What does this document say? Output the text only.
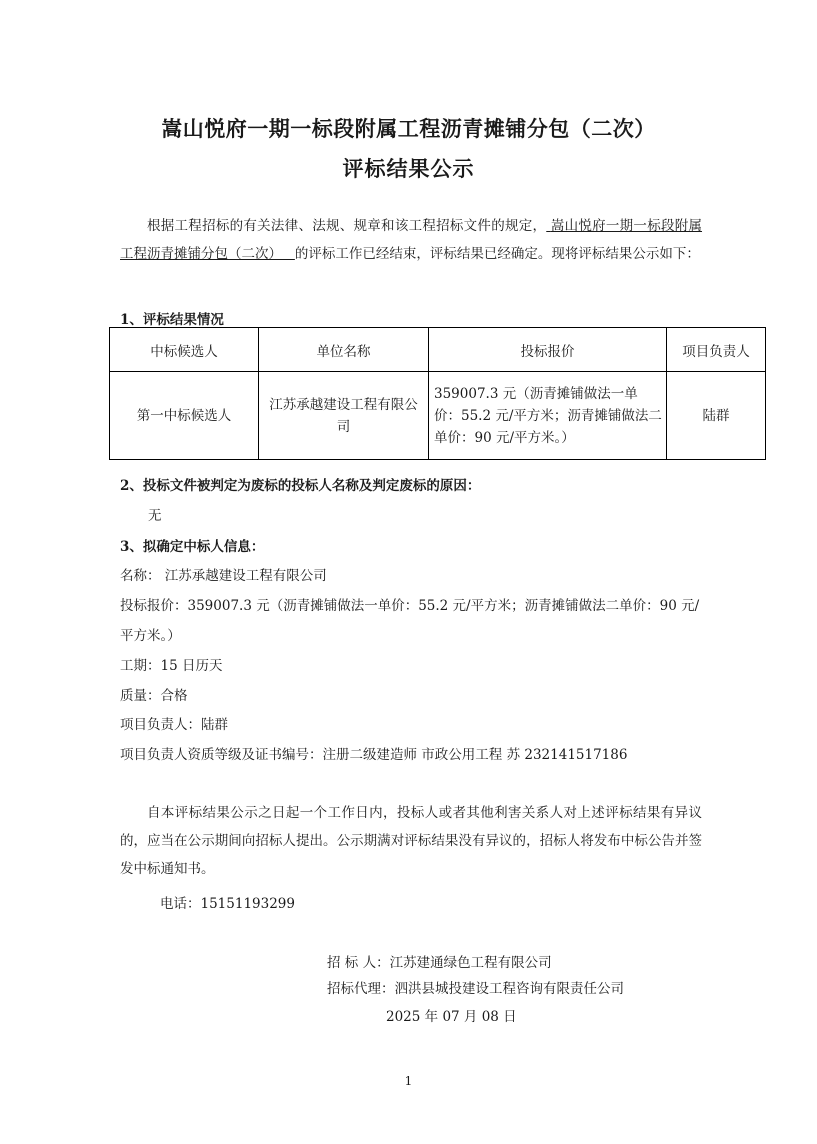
嵩山悦府一期一标段附属工程沥青摊铺分包（二次）
评标结果公示
根据工程招标的有关法律、法规、规章和该工程招标文件的规定， 嵩山悦府一期一标段附属工程沥青摊铺分包（二次） 的评标工作已经结束，评标结果已经确定。现将评标结果公示如下：
1、评标结果情况
中标候选人	单位名称	投标报价	项目负责人
第一中标候选人	江苏承越建设工程有限公司	359007.3 元（沥青摊铺做法一单价：55.2 元/平方米；沥青摊铺做法二单价：90 元/平方米。）	陆群
2、投标文件被判定为废标的投标人名称及判定废标的原因：
无
3、拟确定中标人信息：
名称： 江苏承越建设工程有限公司
投标报价：359007.3 元（沥青摊铺做法一单价：55.2 元/平方米；沥青摊铺做法二单价：90 元/
平方米。）
工期：15 日历天
质量：合格
项目负责人：陆群
项目负责人资质等级及证书编号：注册二级建造师 市政公用工程 苏 232141517186
自本评标结果公示之日起一个工作日内，投标人或者其他利害关系人对上述评标结果有异议的，应当在公示期间向招标人提出。公示期满对评标结果没有异议的，招标人将发布中标公告并签发中标通知书。
电话：15151193299
招 标 人：江苏建通绿色工程有限公司
招标代理：泗洪县城投建设工程咨询有限责任公司
2025 年 07 月 08 日
1
